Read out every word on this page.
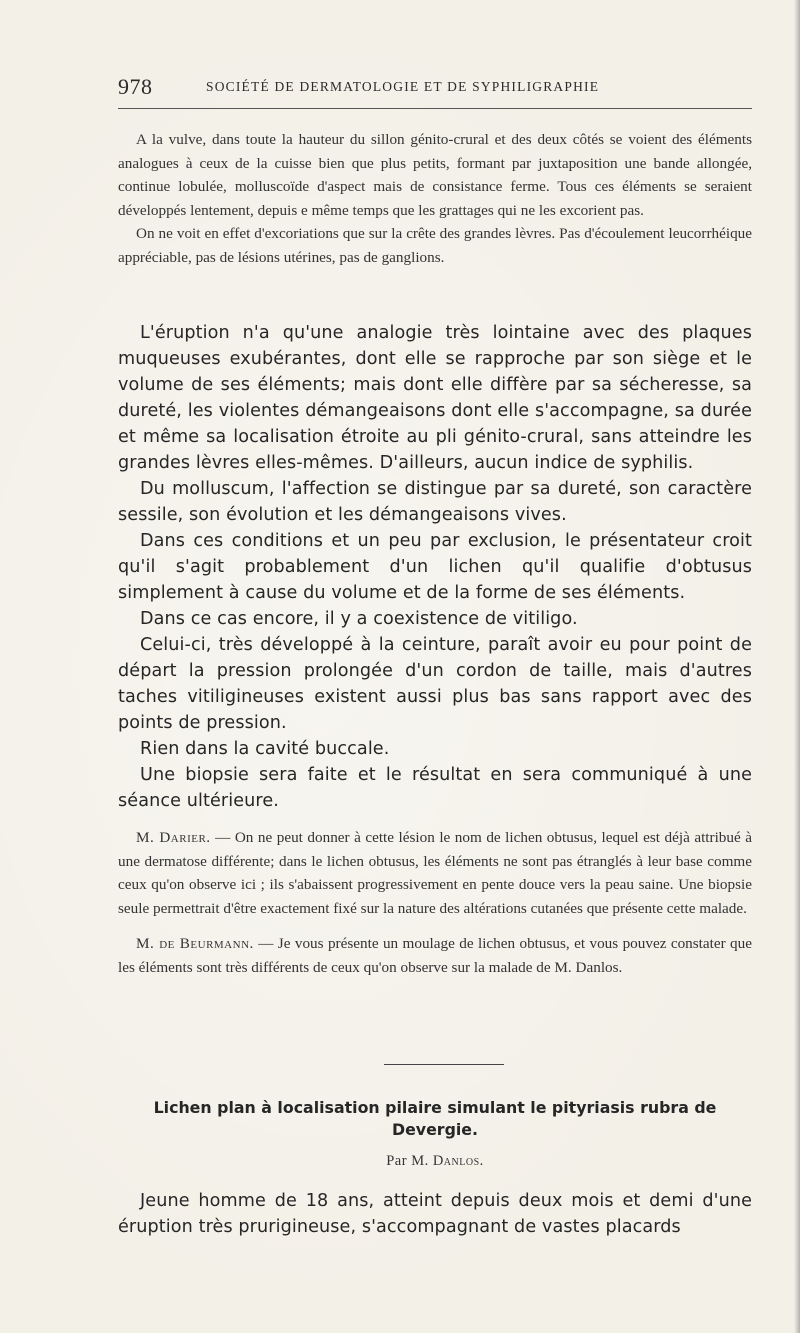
978	SOCIÉTÉ DE DERMATOLOGIE ET DE SYPHILIGRAPHIE

A la vulve, dans toute la hauteur du sillon génito-crural et des deux côtés se voient des éléments analogues à ceux de la cuisse bien que plus petits, formant par juxtaposition une bande allongée, continue lobulée, molluscoïde d'aspect mais de consistance ferme. Tous ces éléments se seraient développés lentement, depuis e même temps que les grattages qui ne les excorient pas.

On ne voit en effet d'excoriations que sur la crête des grandes lèvres. Pas d'écoulement leucorrhéique appréciable, pas de lésions utérines, pas de ganglions.

L'éruption n'a qu'une analogie très lointaine avec des plaques muqueuses exubérantes, dont elle se rapproche par son siège et le volume de ses éléments; mais dont elle diffère par sa sécheresse, sa dureté, les violentes démangeaisons dont elle s'accompagne, sa durée et même sa localisation étroite au pli génito-crural, sans atteindre les grandes lèvres elles-mêmes. D'ailleurs, aucun indice de syphilis.

Du molluscum, l'affection se distingue par sa dureté, son caractère sessile, son évolution et les démangeaisons vives.

Dans ces conditions et un peu par exclusion, le présentateur croit qu'il s'agit probablement d'un lichen qu'il qualifie d'obtusus simplement à cause du volume et de la forme de ses éléments.

Dans ce cas encore, il y a coexistence de vitiligo.

Celui-ci, très développé à la ceinture, paraît avoir eu pour point de départ la pression prolongée d'un cordon de taille, mais d'autres taches vitiligineuses existent aussi plus bas sans rapport avec des points de pression.

Rien dans la cavité buccale.

Une biopsie sera faite et le résultat en sera communiqué à une séance ultérieure.

M. Darier. — On ne peut donner à cette lésion le nom de lichen obtusus, lequel est déjà attribué à une dermatose différente; dans le lichen obtusus, les éléments ne sont pas étranglés à leur base comme ceux qu'on observe ici ; ils s'abaissent progressivement en pente douce vers la peau saine. Une biopsie seule permettrait d'être exactement fixé sur la nature des altérations cutanées que présente cette malade.

M. de Beurmann. — Je vous présente un moulage de lichen obtusus, et vous pouvez constater que les éléments sont très différents de ceux qu'on observe sur la malade de M. Danlos.

Lichen plan à localisation pilaire simulant le pityriasis rubra de Devergie.
Par M. Danlos.

Jeune homme de 18 ans, atteint depuis deux mois et demi d'une éruption très prurigineuse, s'accompagnant de vastes placards
